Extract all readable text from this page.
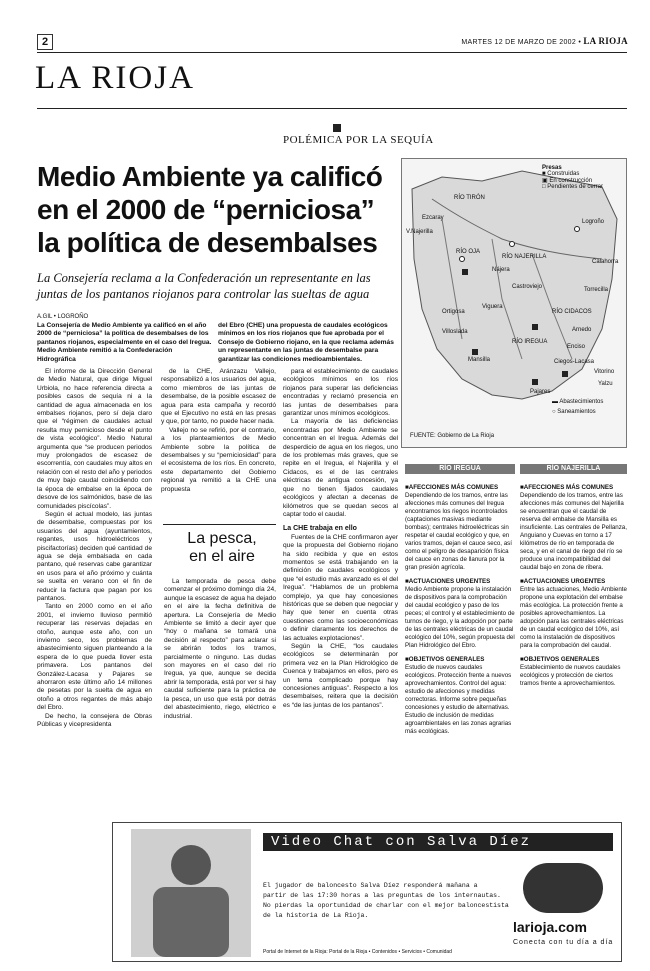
2	MARTES 12 DE MARZO DE 2002 • LA RIOJA
LA RIOJA
POLÉMICA POR LA SEQUÍA
Medio Ambiente ya calificó
en el 2000 de “perniciosa”
la política de desembalses
La Consejería reclama a la Confederación un representante en las juntas de los pantanos riojanos para controlar las sueltas de agua
A.GIL • LOGROÑO
La Consejería de Medio Ambiente ya calificó en el año 2000 de “perniciosa” la política de desembalses de los pantanos riojanos, especialmente en el caso del Iregua. Medio Ambiente remitió a la Confederación Hidrográfica
del Ebro (CHE) una propuesta de caudales ecológicos mínimos en los ríos riojanos que fue aprobada por el Consejo de Gobierno riojano, en la que reclama además un representante en las juntas de desembalse para garantizar las condiciones medioambientales.

El informe de la Dirección General de Medio Natural, que dirige Miguel Urbiola, no hace referencia directa a posibles casos de sequía ni a la cantidad de agua almacenada en los embalses riojanos, pero sí deja claro que el “régimen de caudales actual resulta muy pernicioso desde el punto de vista ecológico”. Medio Natural argumenta que “se producen periodos muy prolongados de escasez de escorrentía, con caudales muy altos en relación con el resto del año y periodos de muy bajo caudal coincidiendo con la época de embalse en la época de desove de los salmónidos, base de las comunidades piscícolas”.

Según el actual modelo, las juntas de desembalse, compuestas por los usuarios del agua (ayuntamientos, regantes, usos hidroeléctricos y piscifactorías) deciden qué cantidad de agua se deja embalsada en cada pantano, qué reservas cabe garantizar en usos para el año próximo y cuánta se suelta en verano con el fin de reducir la factura que pagan por los pantanos.

Tanto en 2000 como en el año 2001, el invierno lluvioso permitió recuperar las reservas dejadas en otoño, aunque este año, con un invierno seco, los problemas de abastecimiento siguen planteando a la espera de lo que pueda llover esta primavera. Los pantanos del González-Lacasa y Pajares se ahorraron este último año 14 millones de pesetas por la suelta de agua en otoño a otros regantes de más abajo del Ebro.

De hecho, la consejera de Obras Públicas y vicepresidenta

de la CHE, Aránzazu Vallejo, responsabilizó a los usuarios del agua, como miembros de las juntas de desembalse, de la posible escasez de agua para esta campaña y recordó que el Ejecutivo no está en las presas y que, por tanto, no puede hacer nada.

Vallejo no se refirió, por el contrario, a los planteamientos de Medio Ambiente sobre la política de desembalses y su “perniciosidad” para el ecosistema de los ríos. En concreto, este departamento del Gobierno regional ya remitió a la CHE una propuesta

para el establecimiento de caudales ecológicos mínimos en los ríos riojanos para superar las deficiencias encontradas y reclamó presencia en las juntas de desembalses para garantizar unos mínimos ecológicos.

La mayoría de las deficiencias encontradas por Medio Ambiente se concentran en el Iregua. Además del desperdicio de agua en los riegos, uno de los problemas más graves, que se repite en el Iregua, el Najerilla y el Cidacos, es el de las centrales eléctricas de antigua concesión, ya que no tienen fijados caudales ecológicos y afectan a decenas de kilómetros que se quedan secos al captar todo el caudal.

La CHE trabaja en ello

Fuentes de la CHE confirmaron ayer que la propuesta del Gobierno riojano ha sido recibida y que en estos momentos se está trabajando en la definición de caudales ecológicos y que “el estudio más avanzado es el del Iregua”. “Hablamos de un problema complejo, ya que hay concesiones históricas que se deben que negociar y hay que tener en cuenta otras cuestiones como las socioeconómicas o definir claramente los derechos de las actuales explotaciones”.

Según la CHE, “los caudales ecológicos se determinarán por primera vez en la Plan Hidrológico de Cuenca y trabajamos en ellos, pero es un tema complicado porque hay concesiones antiguas”. Respecto a los desembalses, reitera que la decisión es “de las juntas de los pantanos”.

La pesca,
en el aire

La temporada de pesca debe comenzar el próximo domingo día 24, aunque la escasez de agua ha dejado en el aire la fecha definitiva de apertura. La Consejería de Medio Ambiente se limitó a decir ayer que “hoy o mañana se tomará una decisión al respecto” para aclarar si se abrirán todos los tramos, parcialmente o ninguno. Las dudas son mayores en el caso del río Iregua, ya que, aunque se decida abrir la temporada, está por ver si hay caudal suficiente para la práctica de la pesca, un uso que está por detrás del abastecimiento, riego, eléctrico e industrial.

Presas
■ Construidas
▣ En construcción
□ Pendientes de cerrar
▬ Abastecimientos
○ Saneamientos
FUENTE: Gobierno de La Rioja
RÍO TIRÓN
Ezcaray
V.Najerilla
RÍO OJA
RÍO NAJERILLA
Nájera
Logroño
Castroviejo	Torrecilla
Mansilla
RÍO CIDACOS
Pajares
Ortigosa
Viguera
Calahorra
Villoslada
Enciso
RÍO IREGUA
Arnedo
Ciegos-Lacasa
Vitorino
Yalzu
RÍO IREGUA	RÍO NAJERILLA
■ AFECCIONES MÁS COMUNES
Dependiendo de los tramos, entre las afecciones más comunes del Iregua encontramos los riegos incontrolados (captaciones masivas mediante bombas); centrales hidroeléctricas sin respetar el caudal ecológico y que, en varios tramos, dejan el cauce seco, así como el peligro de desaparición física del cauce en zonas de llanura por la gran presión agrícola.
■ ACTUACIONES URGENTES
Medio Ambiente propone la instalación de dispositivos para la comprobación del caudal ecológico y paso de los peces; el control y el establecimiento de turnos de riego, y la adopción por parte de las centrales eléctricas de un caudal ecológico del 10%, según propuesta del Plan Hidrológico del Ebro.
■ OBJETIVOS GENERALES
Estudio de nuevos caudales ecológicos. Protección frente a nuevos aprovechamientos. Control del agua: estudio de afecciones y medidas correctoras. Informe sobre pequeñas concesiones y estudio de alternativas. Estudio de inclusión de medidas agroambientales en las zonas agrarias más ecológicas.
■ AFECCIONES MÁS COMUNES
Dependiendo de los tramos, entre las afecciones más comunes del Najerilla se encuentran que el caudal de reserva del embalse de Mansilla es insuficiente. Las centrales de Pellanza, Anguiano y Cuevas en torno a 17 kilómetros de río en temporada de seca, y en el canal de riego del río se produce una incompatibilidad del caudal bajo en zona de ribera.
■ ACTUACIONES URGENTES
Entre las actuaciones, Medio Ambiente propone una explotación del embalse más ecológica. La protección frente a posibles aprovechamientos. La adopción para las centrales eléctricas de un caudal ecológico del 10%, así como la instalación de dispositivos para la comprobación del caudal.
■ OBJETIVOS GENERALES
Establecimiento de nuevos caudales ecológicos y protección de ciertos tramos frente a aprovechamientos.
Video Chat con Salva Díez
El jugador de baloncesto Salva Díez responderá mañana a
partir de las 17:30 horas a las preguntas de los internautas.
No pierdas la oportunidad de charlar con el mejor baloncestista
de la historia de La Rioja.
larioja.com
Conecta con tu día a día
Portal de Internet de la Rioja: Portal de la Rioja • Contenidos • Servicios • Comunidad
